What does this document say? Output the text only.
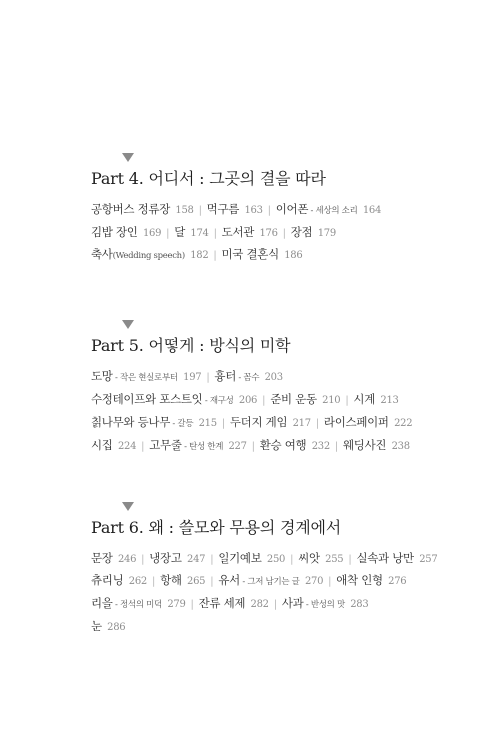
Part 4. 어디서 : 그곳의 결을 따라
공항버스 정류장 158 | 먹구름 163 | 이어폰 - 세상의 소리 164
김밥 장인 169 | 달 174 | 도서관 176 | 장점 179
축사(Wedding speech) 182 | 미국 결혼식 186
Part 5. 어떻게 : 방식의 미학
도망 - 작은 현실로부터 197 | 흉터 - 꼼수 203
수정테이프와 포스트잇 - 재구성 206 | 준비 운동 210 | 시계 213
칡나무와 등나무 - 갈등 215 | 두더지 게임 217 | 라이스페이퍼 222
시집 224 | 고무줄 - 탄성 한계 227 | 환승 여행 232 | 웨딩사진 238
Part 6. 왜 : 쓸모와 무용의 경계에서
문장 246 | 냉장고 247 | 일기예보 250 | 씨앗 255 | 실속과 낭만 257
츄리닝 262 | 항해 265 | 유서 - 그저 남기는 글 270 | 애착 인형 276
리을 - 정석의 미덕 279 | 잔류 세제 282 | 사과 - 반성의 맛 283
눈 286
